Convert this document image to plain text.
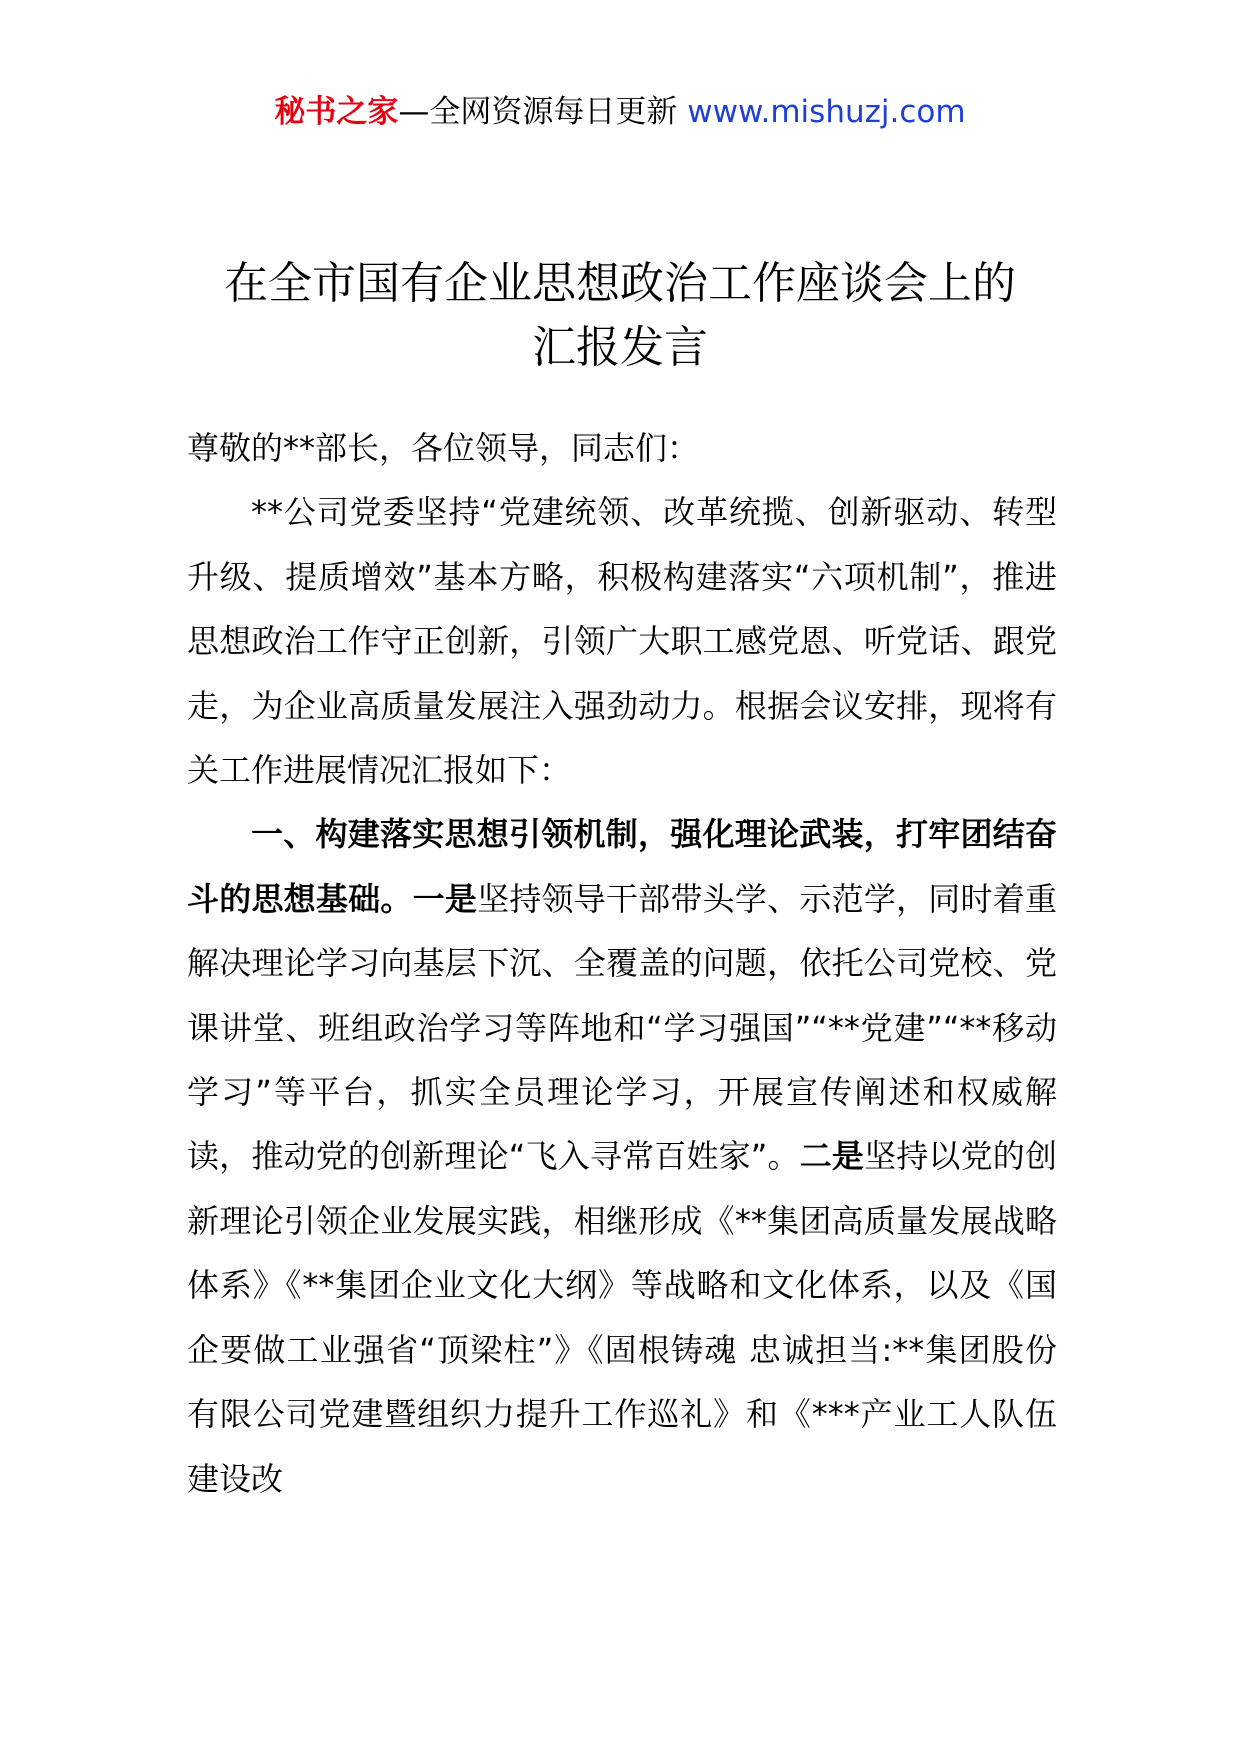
秘书之家—全网资源每日更新 www.mishuzj.com
在全市国有企业思想政治工作座谈会上的
汇报发言

尊敬的**部长，各位领导，同志们：

**公司党委坚持“党建统领、改革统揽、创新驱动、转型升级、提质增效”基本方略，积极构建落实“六项机制”，推进思想政治工作守正创新，引领广大职工感党恩、听党话、跟党走，为企业高质量发展注入强劲动力。根据会议安排，现将有关工作进展情况汇报如下：

一、构建落实思想引领机制，强化理论武装，打牢团结奋斗的思想基础。一是坚持领导干部带头学、示范学，同时着重解决理论学习向基层下沉、全覆盖的问题，依托公司党校、党课讲堂、班组政治学习等阵地和“学习强国”“**党建”“**移动学习”等平台，抓实全员理论学习，开展宣传阐述和权威解读，推动党的创新理论“飞入寻常百姓家”。二是坚持以党的创新理论引领企业发展实践，相继形成《**集团高质量发展战略体系》《**集团企业文化大纲》等战略和文化体系，以及《国企要做工业强省“顶梁柱”》《固根铸魂 忠诚担当:**集团股份有限公司党建暨组织力提升工作巡礼》和《***产业工人队伍建设改
